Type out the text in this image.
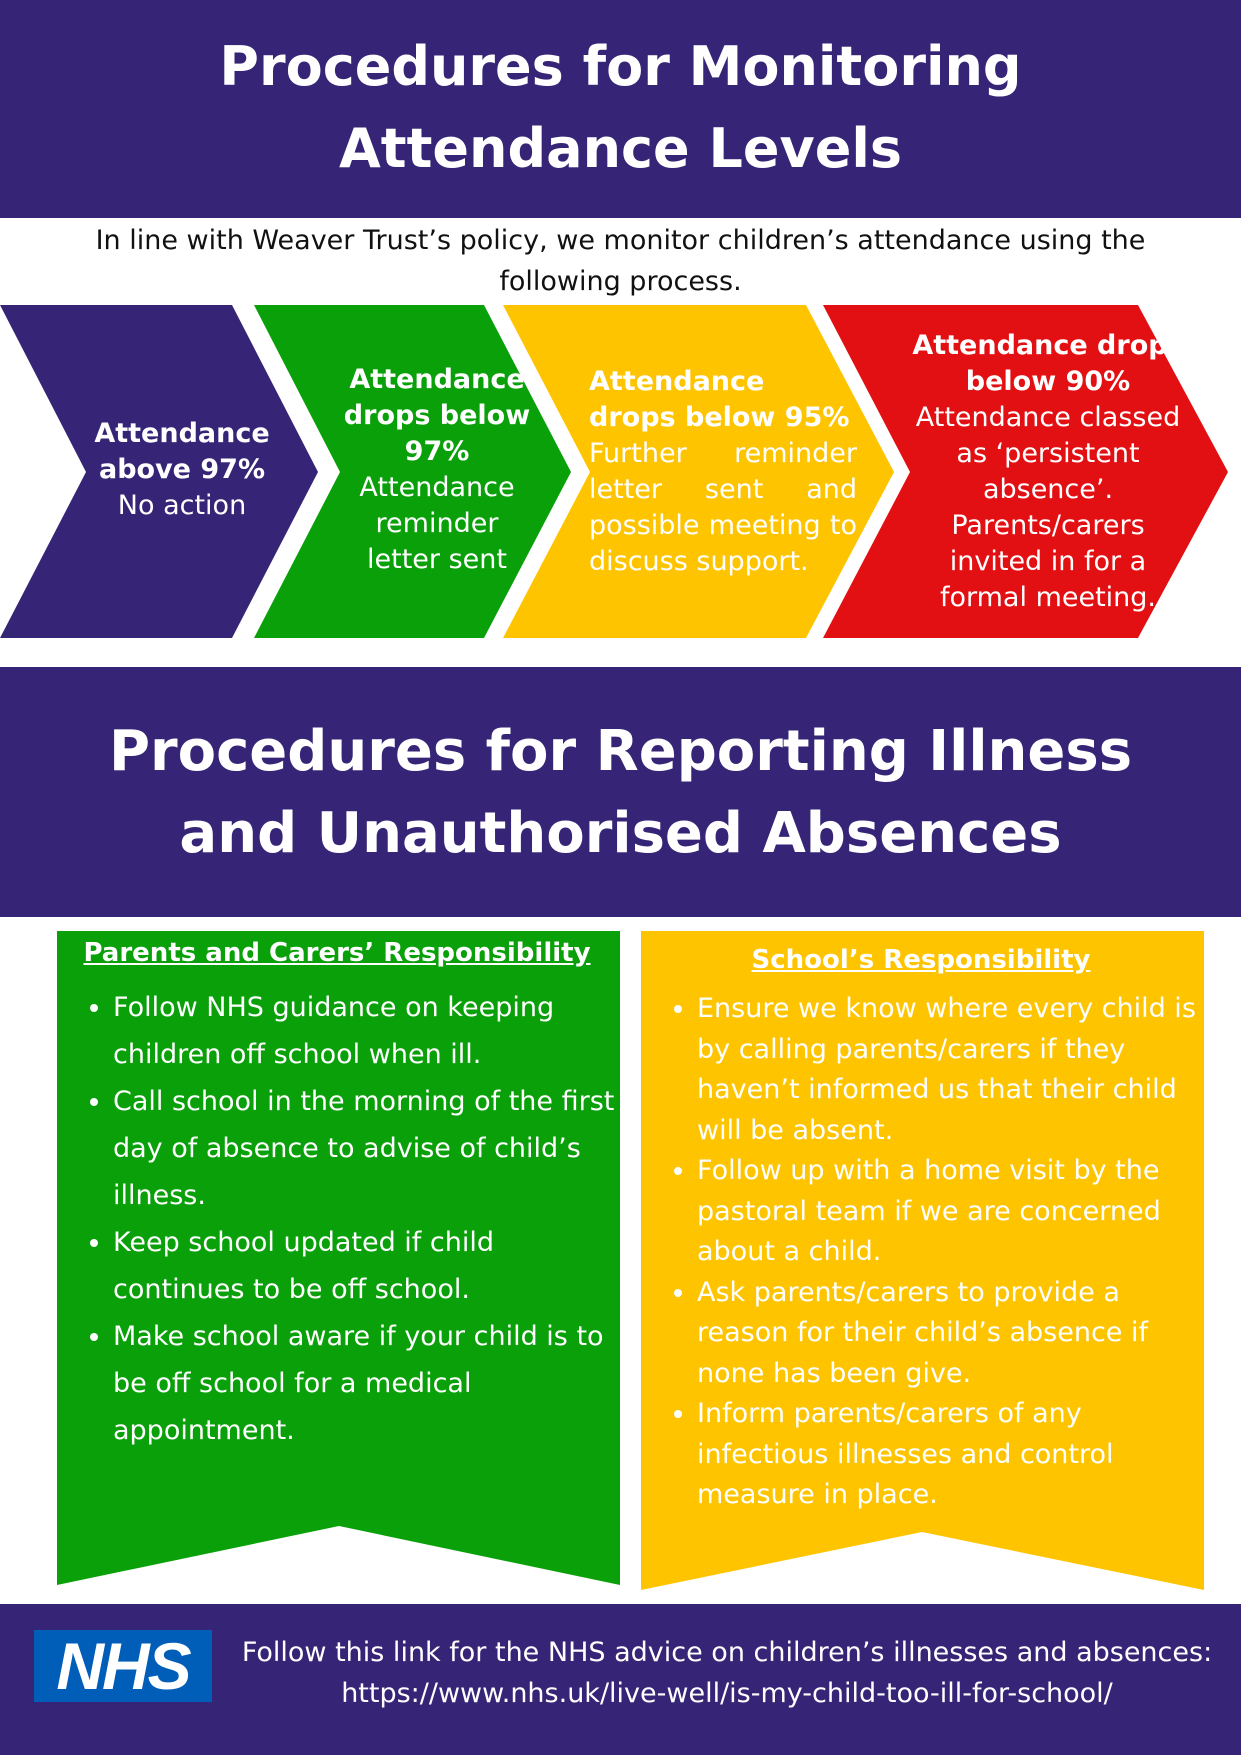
Procedures for Monitoring
Attendance Levels
In line with Weaver Trust’s policy, we monitor children’s attendance using the following process.
Attendance above 97%
No action
Attendance drops below 97%
Attendance reminder letter sent
Attendance drops below 95%
Further reminder letter sent and possible meeting to discuss support.
Attendance drops below 90%
Attendance classed as ‘persistent absence’. Parents/carers invited in for a formal meeting.
Procedures for Reporting Illness
and Unauthorised Absences
Parents and Carers’ Responsibility
• Follow NHS guidance on keeping children off school when ill.
• Call school in the morning of the first day of absence to advise of child’s illness.
• Keep school updated if child continues to be off school.
• Make school aware if your child is to be off school for a medical appointment.
School’s Responsibility
• Ensure we know where every child is by calling parents/carers if they haven’t informed us that their child will be absent.
• Follow up with a home visit by the pastoral team if we are concerned about a child.
• Ask parents/carers to provide a reason for their child’s absence if none has been give.
• Inform parents/carers of any infectious illnesses and control measure in place.
NHS	Follow this link for the NHS advice on children’s illnesses and absences:
https://www.nhs.uk/live-well/is-my-child-too-ill-for-school/
